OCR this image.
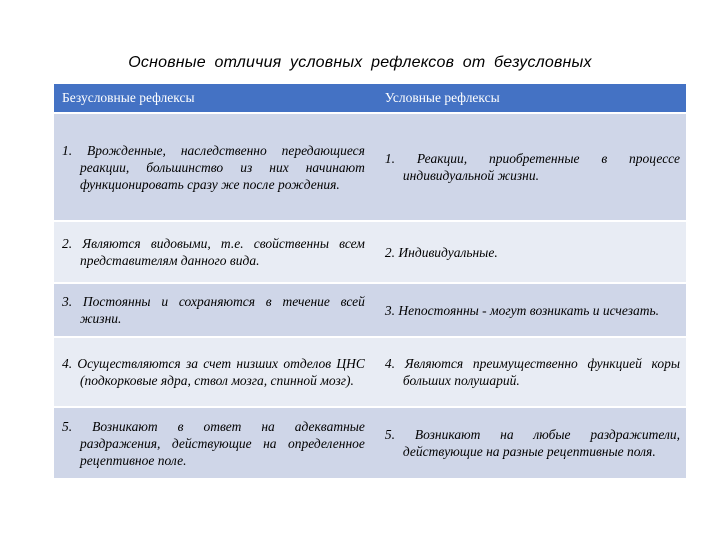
Основные отличия условных рефлексов от безусловных
Безусловные рефлексы	Условные рефлексы

1. Врожденные, наследственно передающиеся реакции, большинство из них начинают функционировать сразу же после рождения.	1. Реакции, приобретенные в процессе индивидуальной жизни.

2. Являются видовыми, т.е. свойственны всем представителям данного вида.	2. Индивидуальные.

3. Постоянны и сохраняются в течение всей жизни.	3. Непостоянны - могут возникать и исчезать.

4. Осуществляются за счет низших отделов ЦНС (подкорковые ядра, ствол мозга, спинной мозг).	4. Являются преимущественно функцией коры больших полушарий.

5. Возникают в ответ на адекватные раздражения, действующие на определенное рецептивное поле.	5. Возникают на любые раздражители, действующие на разные рецептивные поля.
